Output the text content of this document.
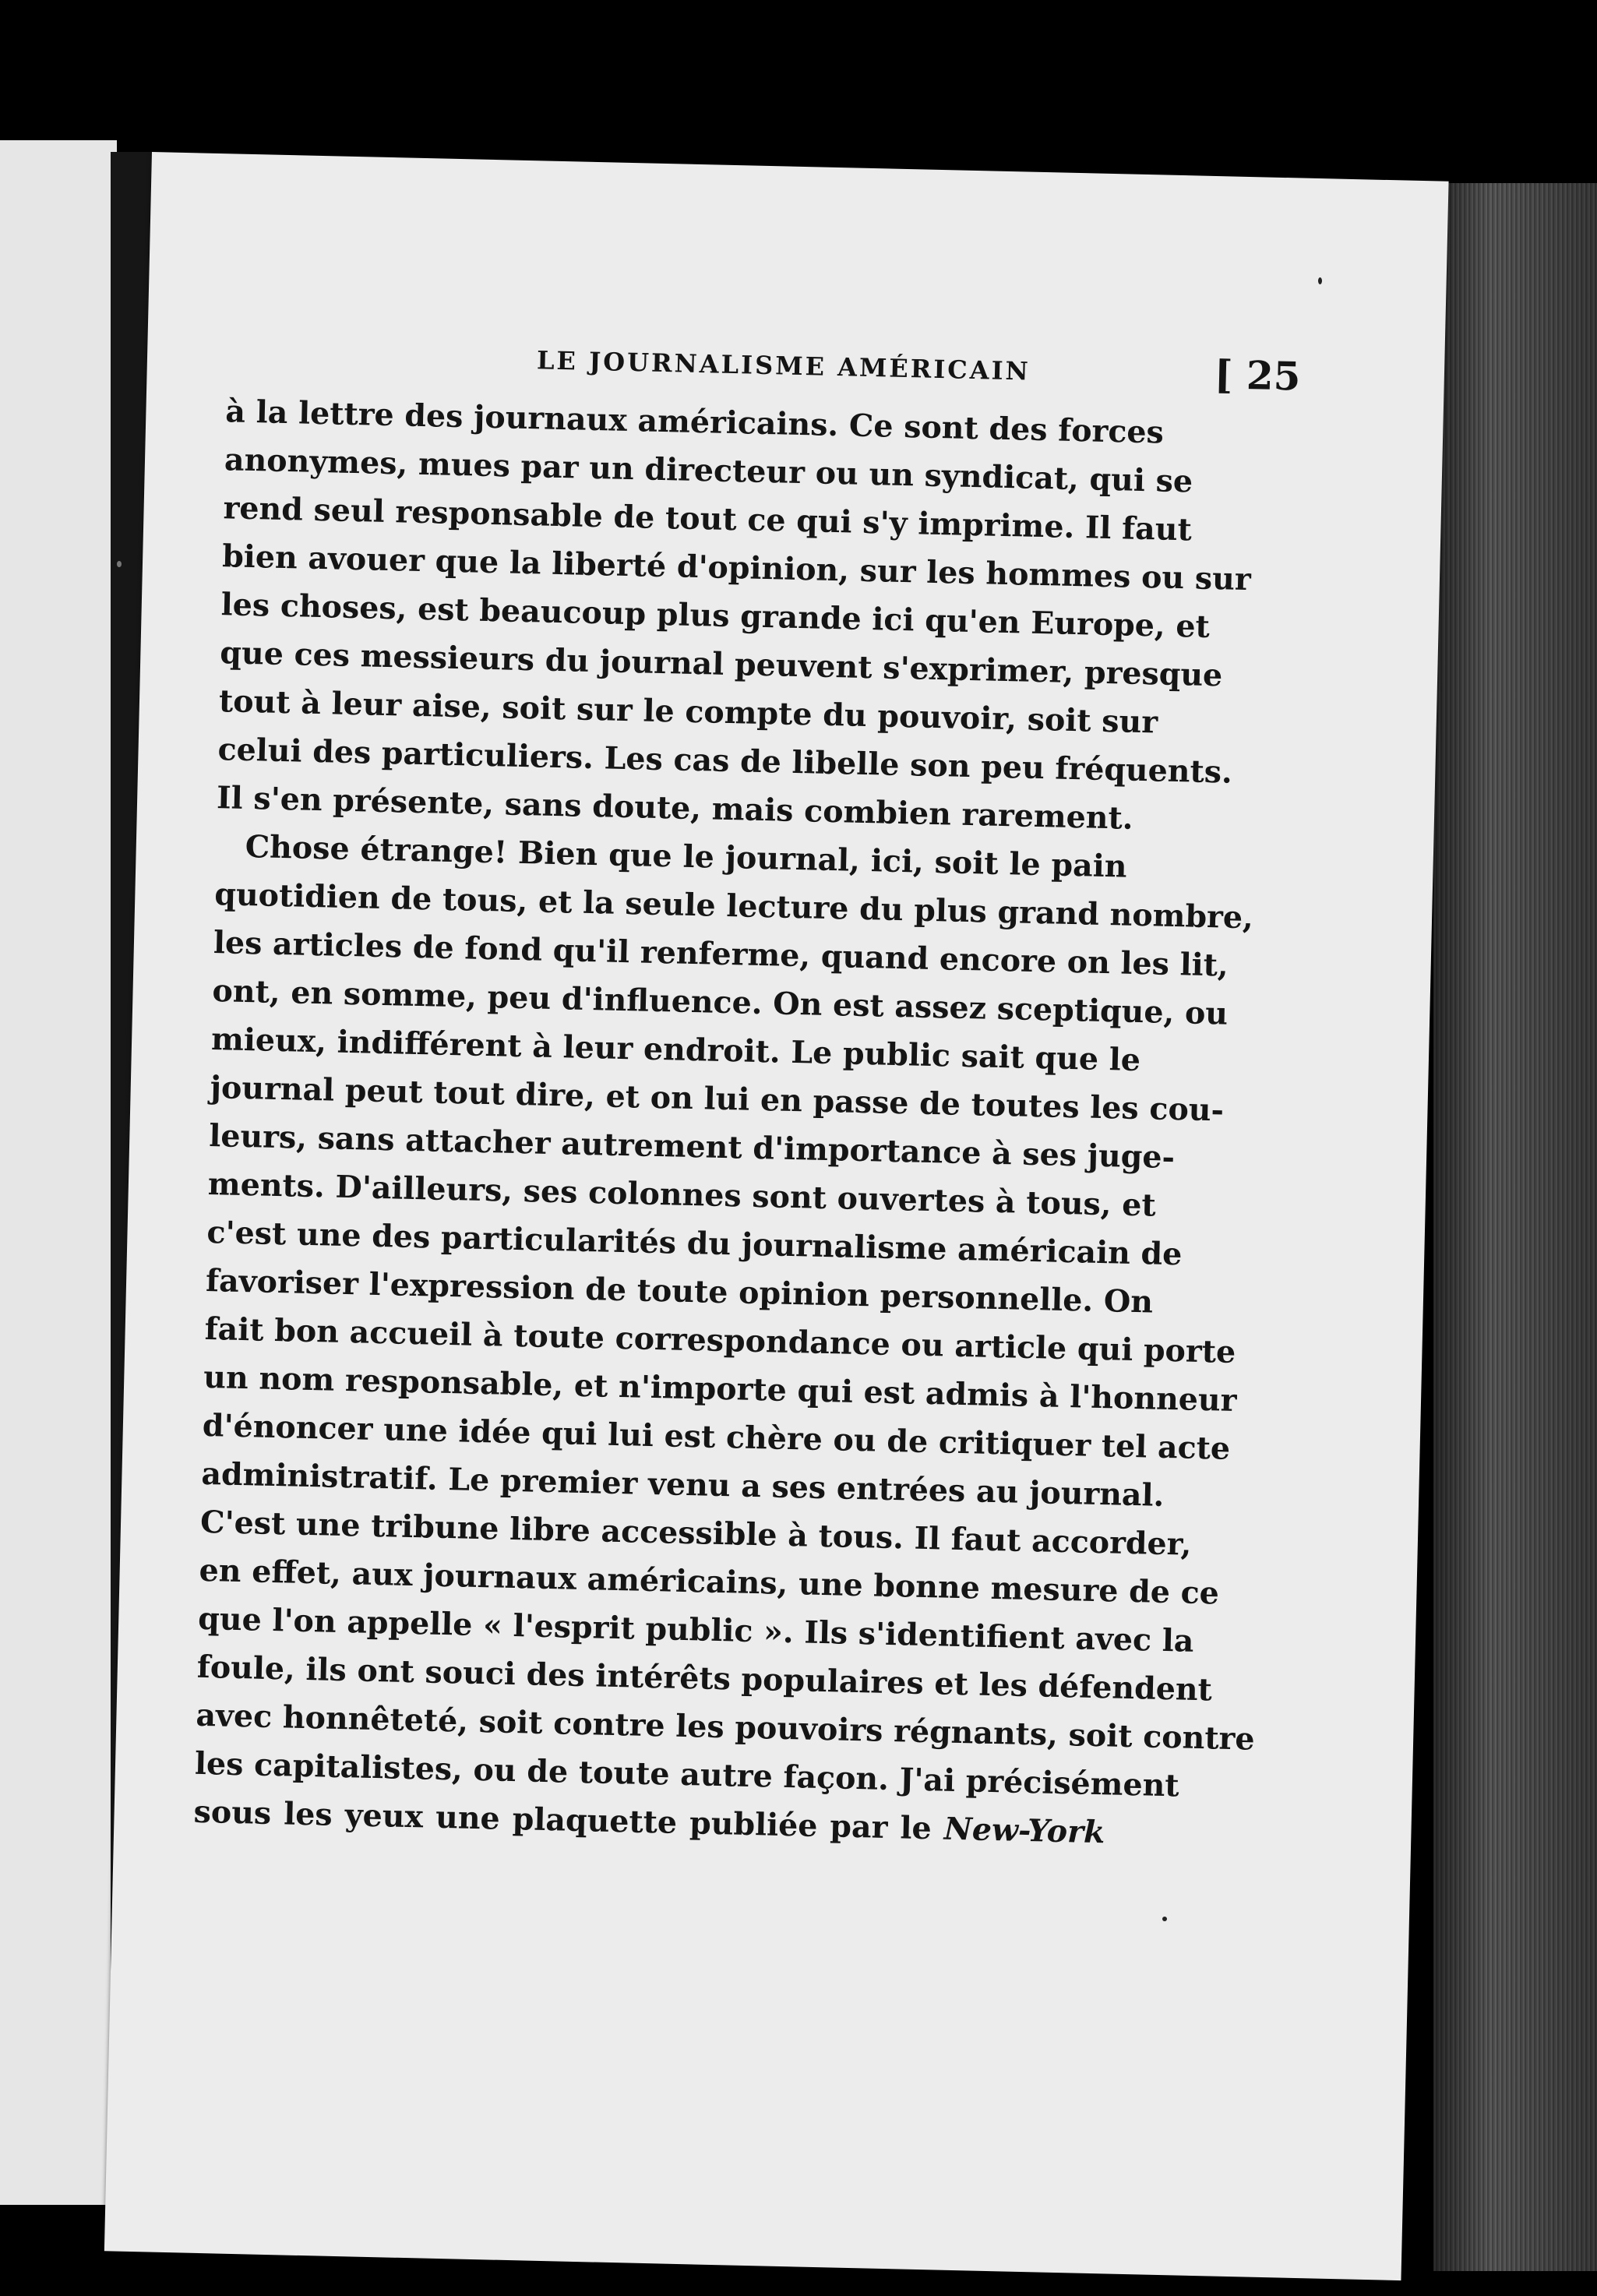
LE JOURNALISME AMÉRICAIN	[ 25
à la lettre des journaux américains. Ce sont des forces
anonymes, mues par un directeur ou un syndicat, qui se
rend seul responsable de tout ce qui s'y imprime. Il faut
bien avouer que la liberté d'opinion, sur les hommes ou sur
les choses, est beaucoup plus grande ici qu'en Europe, et
que ces messieurs du journal peuvent s'exprimer, presque
tout à leur aise, soit sur le compte du pouvoir, soit sur
celui des particuliers. Les cas de libelle son peu fréquents.
Il s'en présente, sans doute, mais combien rarement.
Chose étrange! Bien que le journal, ici, soit le pain
quotidien de tous, et la seule lecture du plus grand nombre,
les articles de fond qu'il renferme, quand encore on les lit,
ont, en somme, peu d'influence. On est assez sceptique, ou
mieux, indifférent à leur endroit. Le public sait que le
journal peut tout dire, et on lui en passe de toutes les cou-
leurs, sans attacher autrement d'importance à ses juge-
ments. D'ailleurs, ses colonnes sont ouvertes à tous, et
c'est une des particularités du journalisme américain de
favoriser l'expression de toute opinion personnelle. On
fait bon accueil à toute correspondance ou article qui porte
un nom responsable, et n'importe qui est admis à l'honneur
d'énoncer une idée qui lui est chère ou de critiquer tel acte
administratif. Le premier venu a ses entrées au journal.
C'est une tribune libre accessible à tous. Il faut accorder,
en effet, aux journaux américains, une bonne mesure de ce
que l'on appelle « l'esprit public ». Ils s'identifient avec la
foule, ils ont souci des intérêts populaires et les défendent
avec honnêteté, soit contre les pouvoirs régnants, soit contre
les capitalistes, ou de toute autre façon. J'ai précisément
sous les yeux une plaquette publiée par le New-York
